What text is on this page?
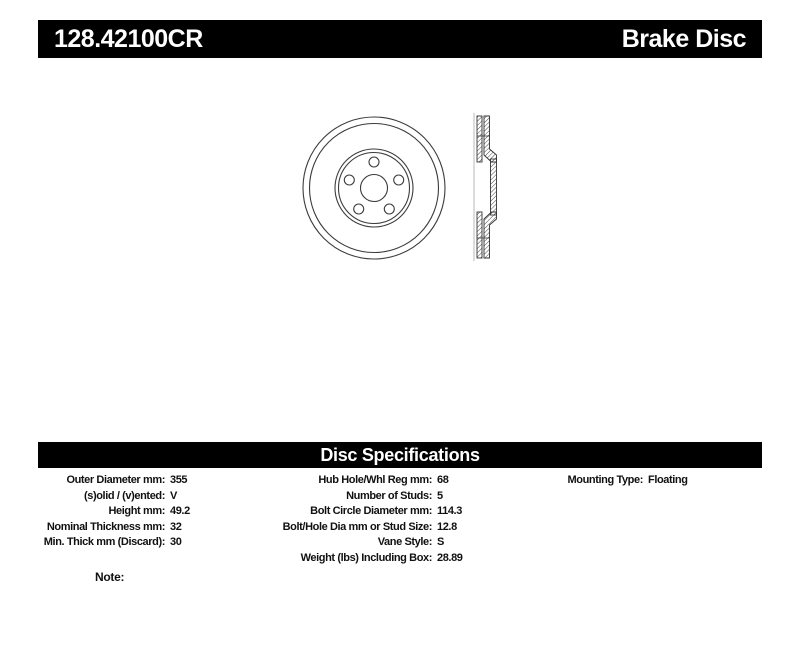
128.42100CR	Brake Disc
Disc Specifications
Outer Diameter mm: 355
(s)olid / (v)ented: V
Height mm: 49.2
Nominal Thickness mm: 32
Min. Thick mm (Discard): 30
Hub Hole/Whl Reg mm: 68
Number of Studs: 5
Bolt Circle Diameter mm: 114.3
Bolt/Hole Dia mm or Stud Size: 12.8
Vane Style: S
Weight (lbs) Including Box: 28.89
Mounting Type: Floating
Note:
